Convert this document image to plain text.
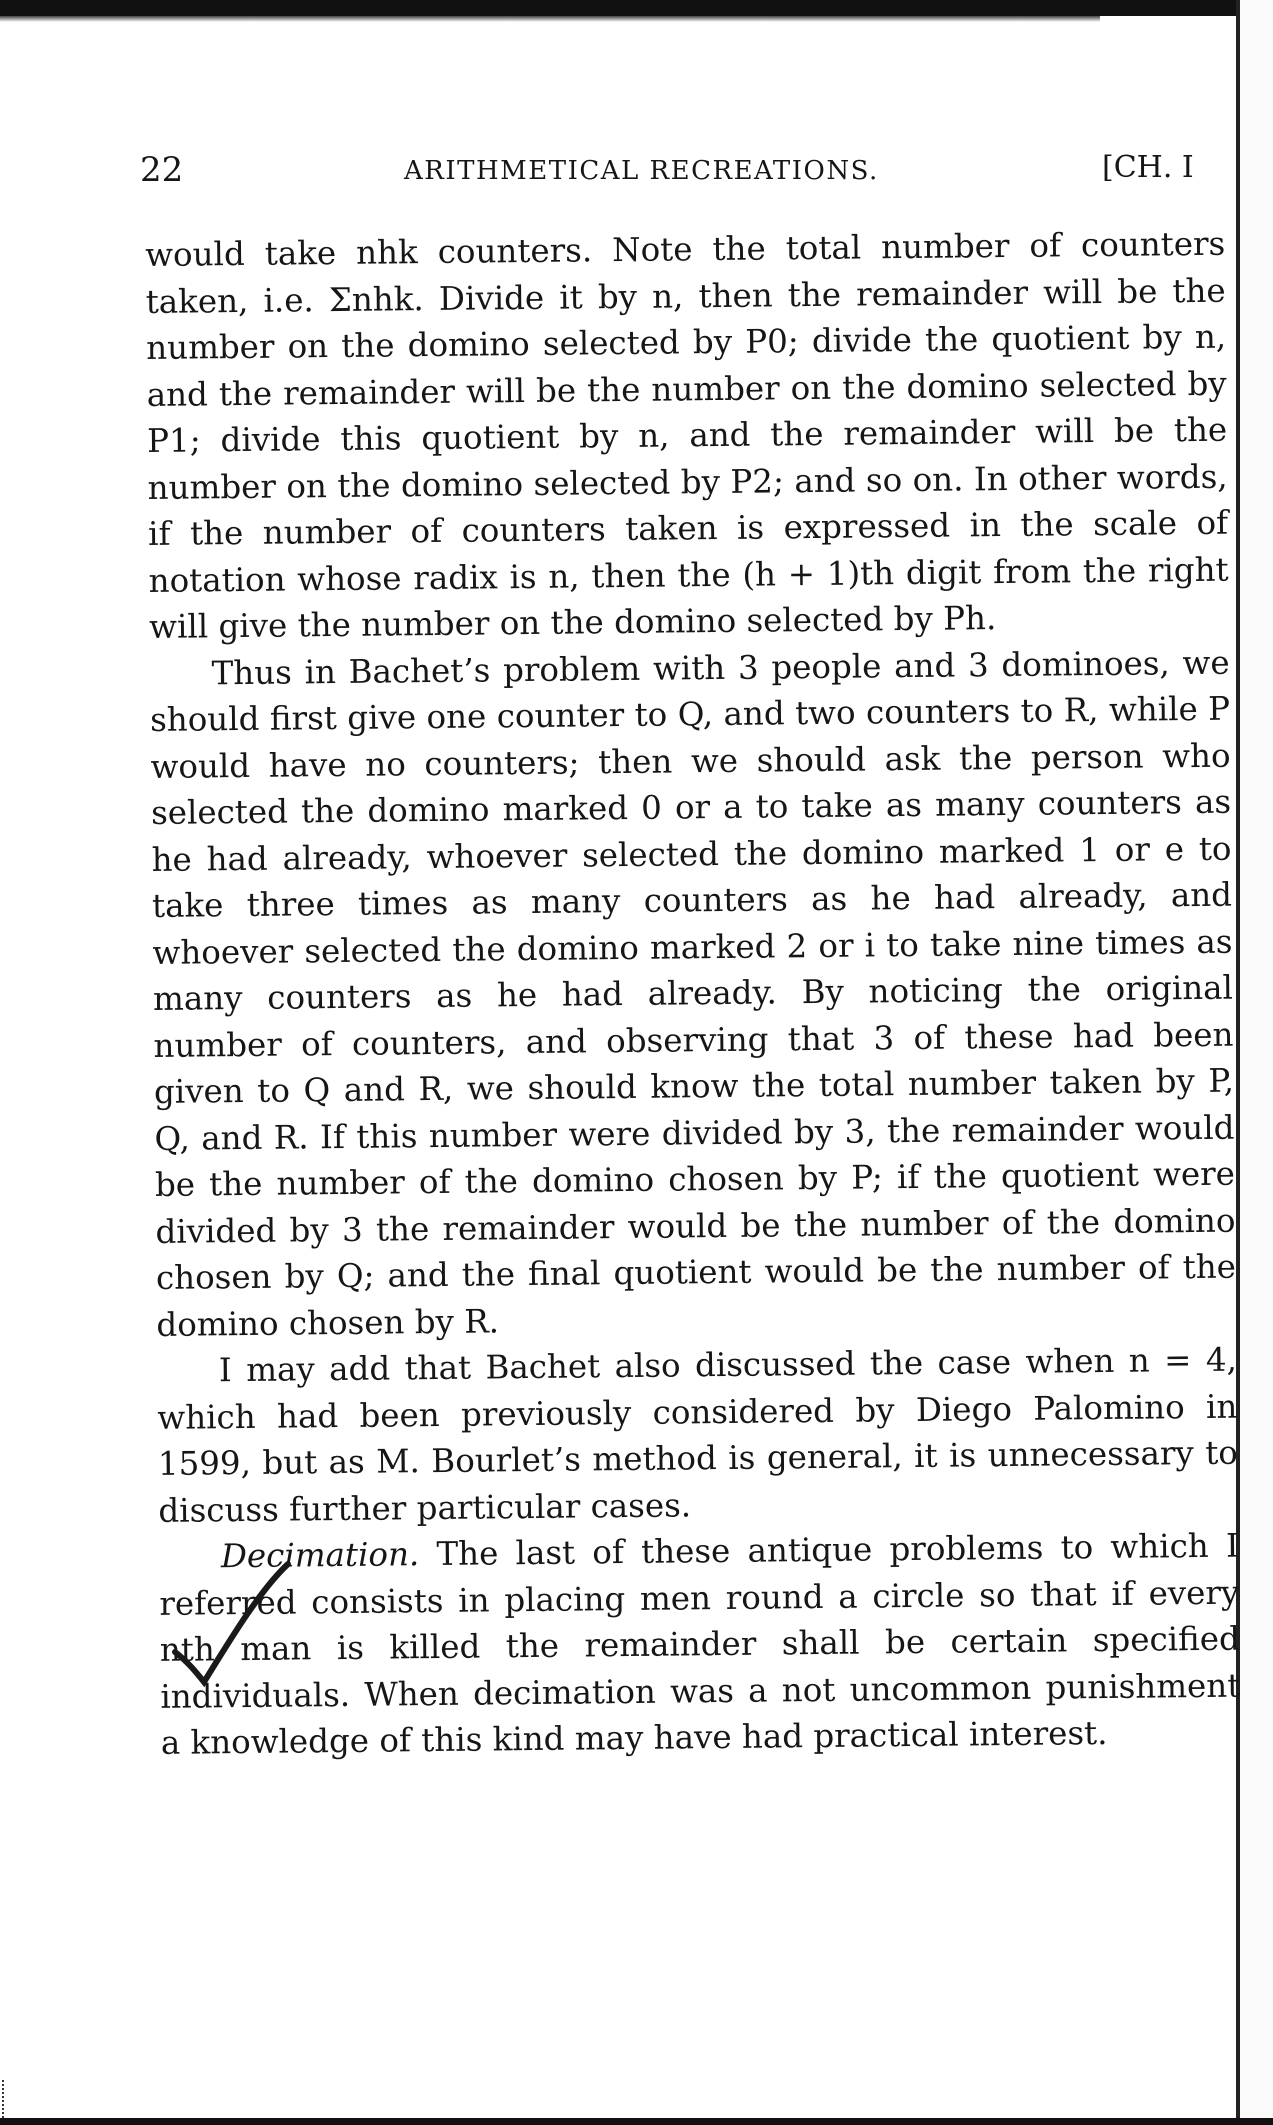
22	ARITHMETICAL RECREATIONS.	[CH. I

would take nhk counters. Note the total number of counters taken, i.e. Σnhk. Divide it by n, then the remainder will be the number on the domino selected by P0; divide the quotient by n, and the remainder will be the number on the domino selected by P1; divide this quotient by n, and the remainder will be the number on the domino selected by P2; and so on. In other words, if the number of counters taken is expressed in the scale of notation whose radix is n, then the (h + 1)th digit from the right will give the number on the domino selected by Ph.

Thus in Bachet’s problem with 3 people and 3 dominoes, we should first give one counter to Q, and two counters to R, while P would have no counters; then we should ask the person who selected the domino marked 0 or a to take as many counters as he had already, whoever selected the domino marked 1 or e to take three times as many counters as he had already, and whoever selected the domino marked 2 or i to take nine times as many counters as he had already. By noticing the original number of counters, and observing that 3 of these had been given to Q and R, we should know the total number taken by P, Q, and R. If this number were divided by 3, the remainder would be the number of the domino chosen by P; if the quotient were divided by 3 the remainder would be the number of the domino chosen by Q; and the final quotient would be the number of the domino chosen by R.

I may add that Bachet also discussed the case when n = 4, which had been previously considered by Diego Palomino in 1599, but as M. Bourlet’s method is general, it is unnecessary to discuss further particular cases.

Decimation. The last of these antique problems to which I referred consists in placing men round a circle so that if every nth man is killed the remainder shall be certain specified individuals. When decimation was a not uncommon punishment a knowledge of this kind may have had practical interest.
